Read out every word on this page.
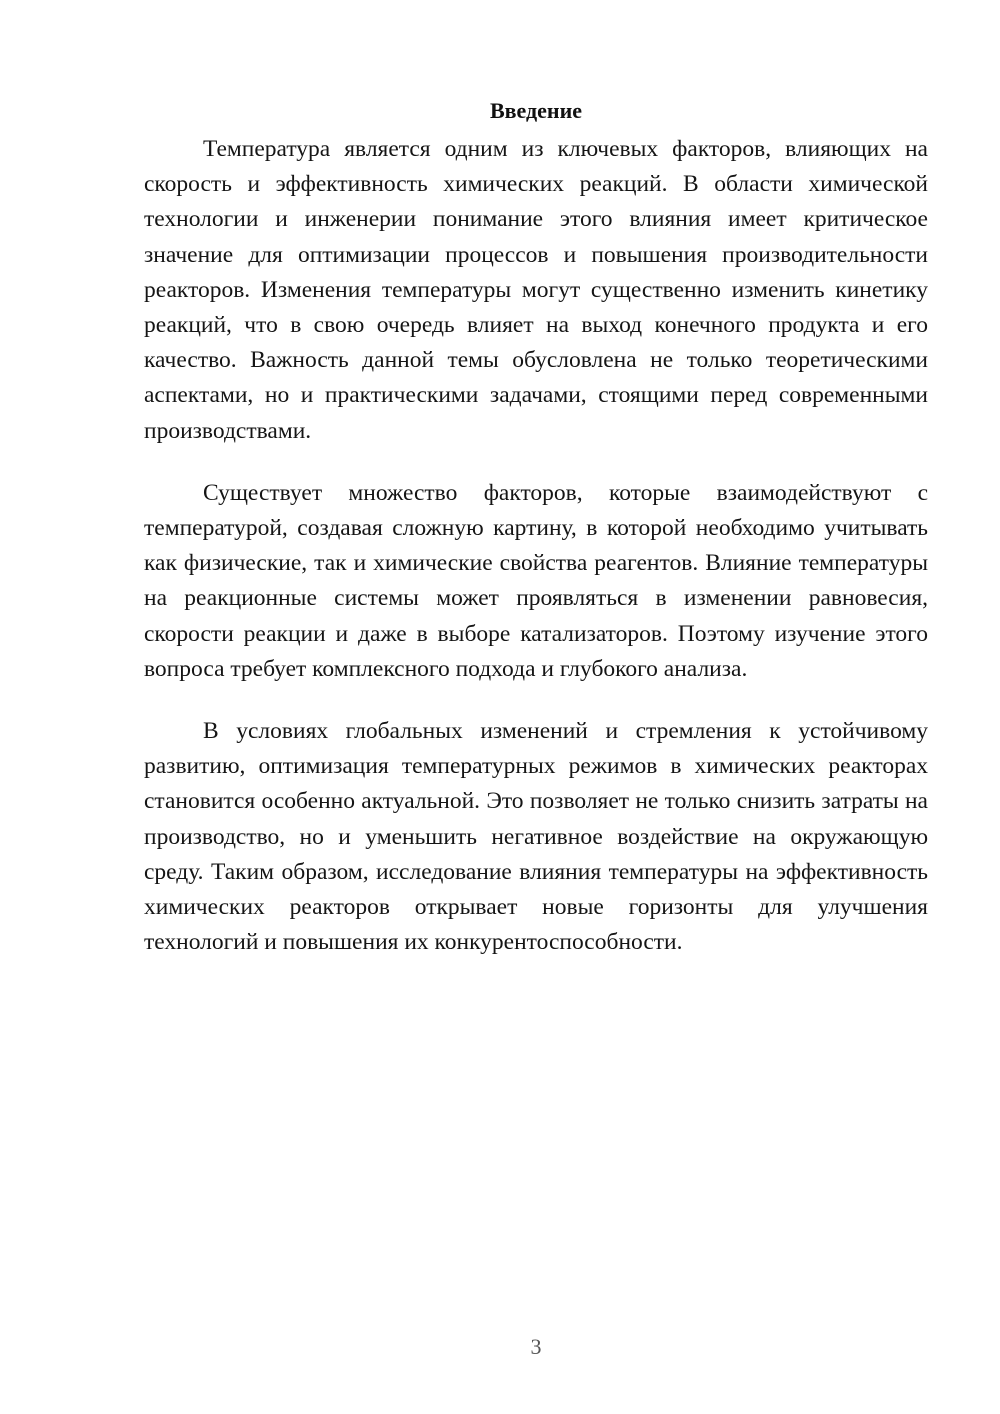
Введение

Температура является одним из ключевых факторов, влияющих на скорость и эффективность химических реакций. В области химической технологии и инженерии понимание этого влияния имеет критическое значение для оптимизации процессов и повышения производительности реакторов. Изменения температуры могут существенно изменить кинетику реакций, что в свою очередь влияет на выход конечного продукта и его качество. Важность данной темы обусловлена не только теоретическими аспектами, но и практическими задачами, стоящими перед современными производствами.

Существует множество факторов, которые взаимодействуют с температурой, создавая сложную картину, в которой необходимо учитывать как физические, так и химические свойства реагентов. Влияние температуры на реакционные системы может проявляться в изменении равновесия, скорости реакции и даже в выборе катализаторов. Поэтому изучение этого вопроса требует комплексного подхода и глубокого анализа.

В условиях глобальных изменений и стремления к устойчивому развитию, оптимизация температурных режимов в химических реакторах становится особенно актуальной. Это позволяет не только снизить затраты на производство, но и уменьшить негативное воздействие на окружающую среду. Таким образом, исследование влияния температуры на эффективность химических реакторов открывает новые горизонты для улучшения технологий и повышения их конкурентоспособности.

3
